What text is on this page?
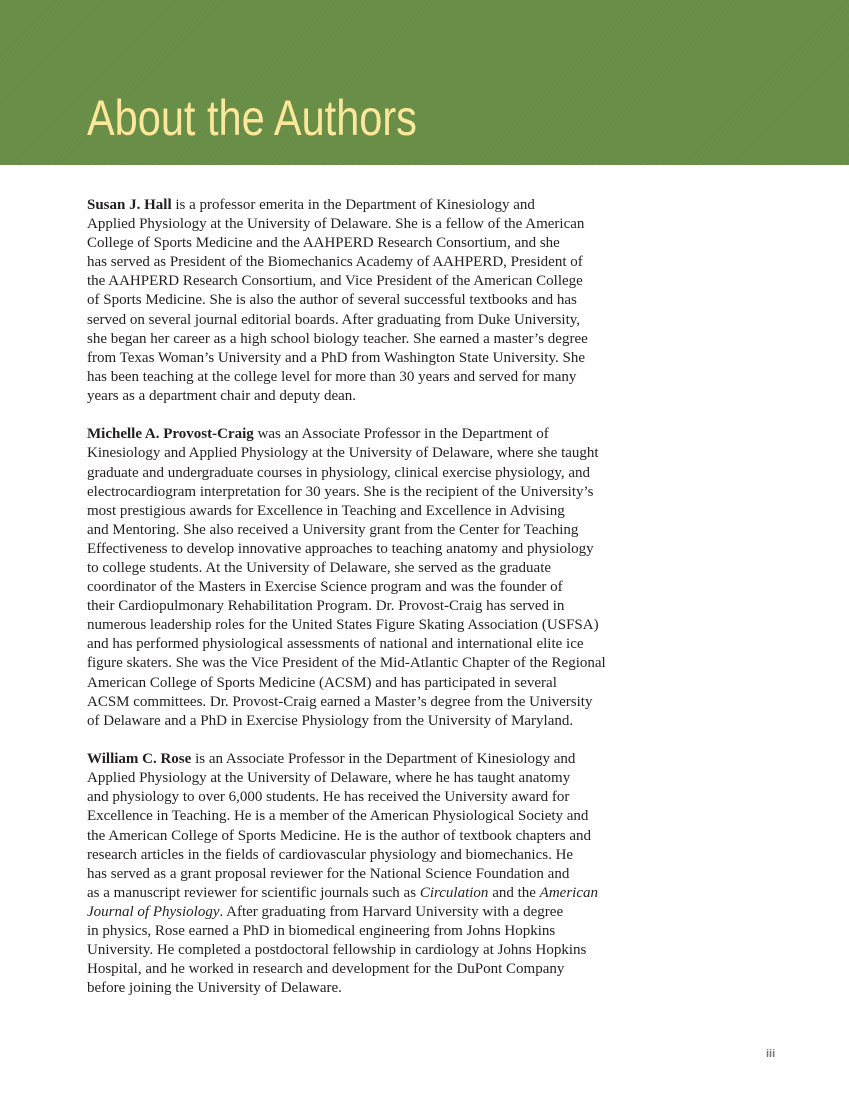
About the Authors
Susan J. Hall is a professor emerita in the Department of Kinesiology and
Applied Physiology at the University of Delaware. She is a fellow of the American
College of Sports Medicine and the AAHPERD Research Consortium, and she
has served as President of the Biomechanics Academy of AAHPERD, President of
the AAHPERD Research Consortium, and Vice President of the American College
of Sports Medicine. She is also the author of several successful textbooks and has
served on several journal editorial boards. After graduating from Duke University,
she began her career as a high school biology teacher. She earned a master’s degree
from Texas Woman’s University and a PhD from Washington State University. She
has been teaching at the college level for more than 30 years and served for many
years as a department chair and deputy dean.
Michelle A. Provost-Craig was an Associate Professor in the Department of
Kinesiology and Applied Physiology at the University of Delaware, where she taught
graduate and undergraduate courses in physiology, clinical exercise physiology, and
electrocardiogram interpretation for 30 years. She is the recipient of the University’s
most prestigious awards for Excellence in Teaching and Excellence in Advising
and Mentoring. She also received a University grant from the Center for Teaching
Effectiveness to develop innovative approaches to teaching anatomy and physiology
to college students. At the University of Delaware, she served as the graduate
coordinator of the Masters in Exercise Science program and was the founder of
their Cardiopulmonary Rehabilitation Program. Dr. Provost-Craig has served in
numerous leadership roles for the United States Figure Skating Association (USFSA)
and has performed physiological assessments of national and international elite ice
figure skaters. She was the Vice President of the Mid-Atlantic Chapter of the Regional
American College of Sports Medicine (ACSM) and has participated in several
ACSM committees. Dr. Provost-Craig earned a Master’s degree from the University
of Delaware and a PhD in Exercise Physiology from the University of Maryland.
William C. Rose is an Associate Professor in the Department of Kinesiology and
Applied Physiology at the University of Delaware, where he has taught anatomy
and physiology to over 6,000 students. He has received the University award for
Excellence in Teaching. He is a member of the American Physiological Society and
the American College of Sports Medicine. He is the author of textbook chapters and
research articles in the fields of cardiovascular physiology and biomechanics. He
has served as a grant proposal reviewer for the National Science Foundation and
as a manuscript reviewer for scientific journals such as Circulation and the American
Journal of Physiology. After graduating from Harvard University with a degree
in physics, Rose earned a PhD in biomedical engineering from Johns Hopkins
University. He completed a postdoctoral fellowship in cardiology at Johns Hopkins
Hospital, and he worked in research and development for the DuPont Company
before joining the University of Delaware.
iii
